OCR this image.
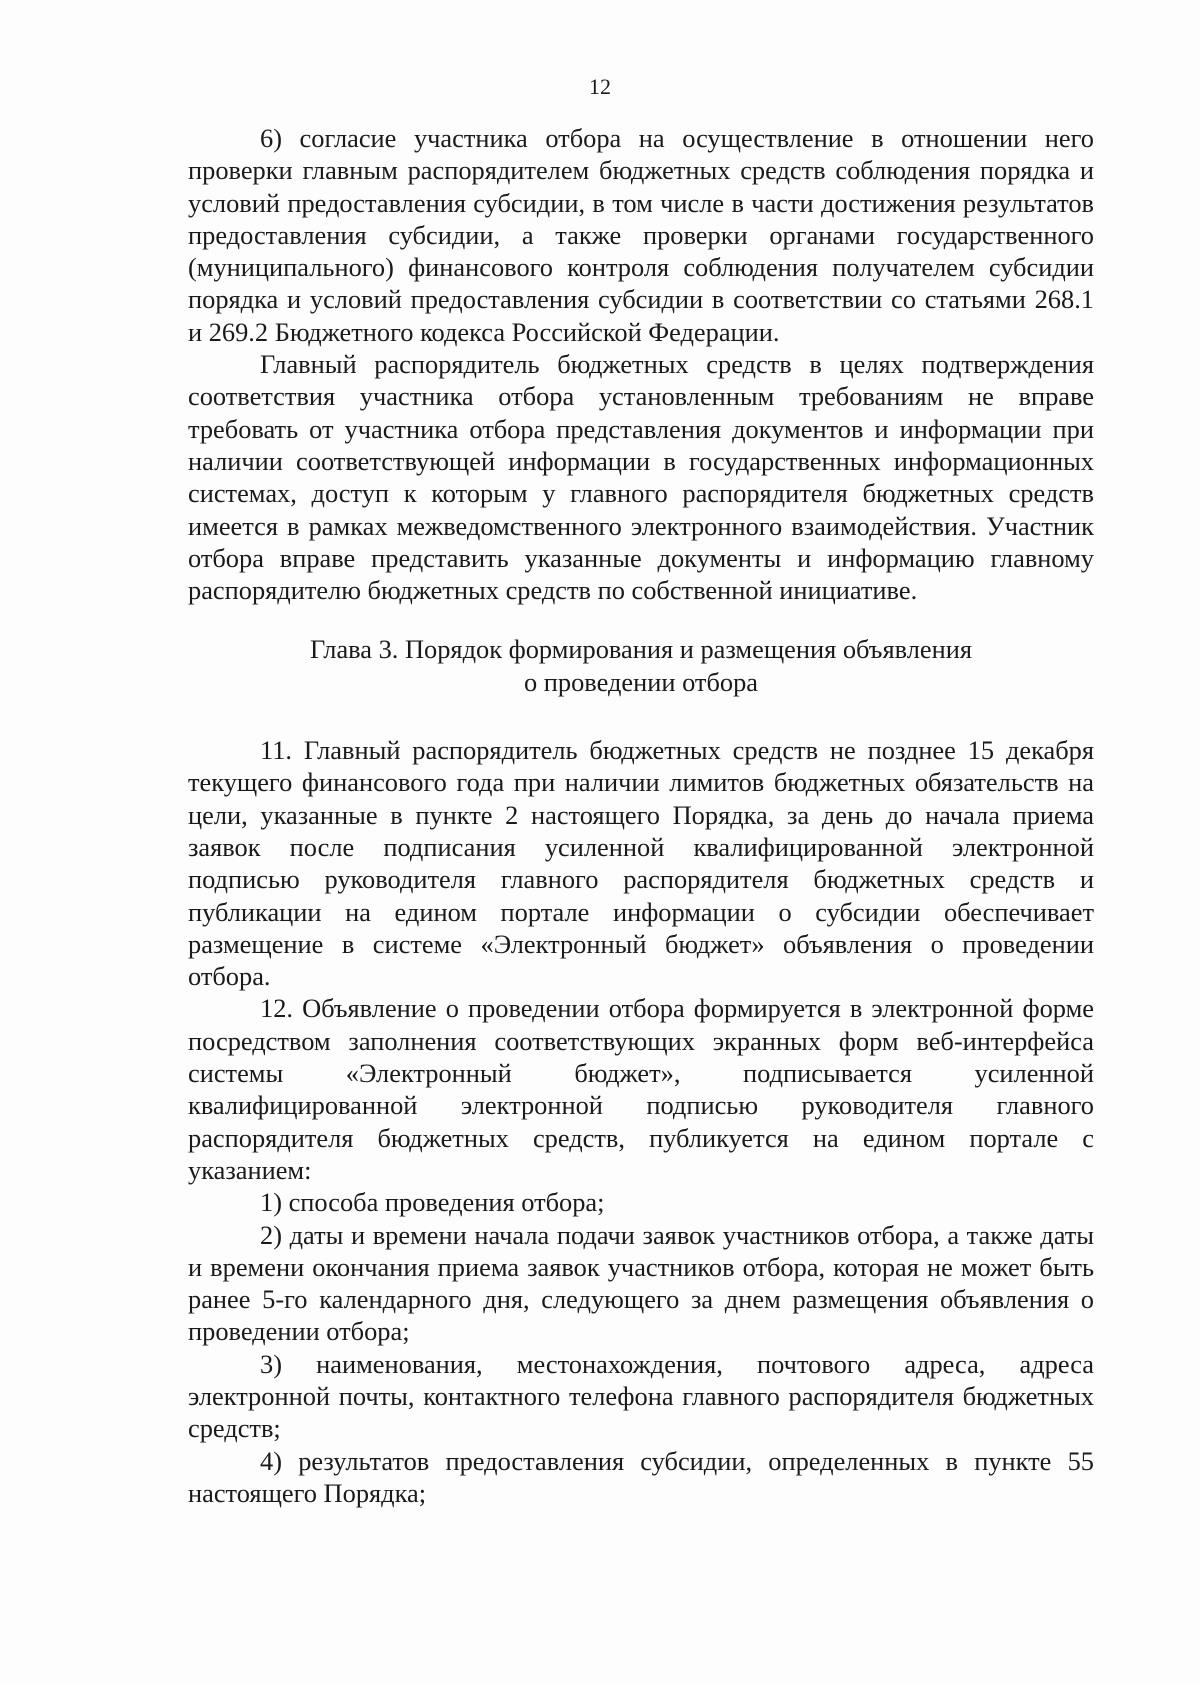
12

6) согласие участника отбора на осуществление в отношении него проверки главным распорядителем бюджетных средств соблюдения порядка и условий предоставления субсидии, в том числе в части достижения результатов предоставления субсидии, а также проверки органами государственного (муниципального) финансового контроля соблюдения получателем субсидии порядка и условий предоставления субсидии в соответствии со статьями 268.1 и 269.2 Бюджетного кодекса Российской Федерации.

Главный распорядитель бюджетных средств в целях подтверждения соответствия участника отбора установленным требованиям не вправе требовать от участника отбора представления документов и информации при наличии соответствующей информации в государственных информационных системах, доступ к которым у главного распорядителя бюджетных средств имеется в рамках межведомственного электронного взаимодействия. Участник отбора вправе представить указанные документы и информацию главному распорядителю бюджетных средств по собственной инициативе.

Глава 3. Порядок формирования и размещения объявления
о проведении отбора

11. Главный распорядитель бюджетных средств не позднее 15 декабря текущего финансового года при наличии лимитов бюджетных обязательств на цели, указанные в пункте 2 настоящего Порядка, за день до начала приема заявок после подписания усиленной квалифицированной электронной подписью руководителя главного распорядителя бюджетных средств и публикации на едином портале информации о субсидии обеспечивает размещение в системе «Электронный бюджет» объявления о проведении отбора.

12. Объявление о проведении отбора формируется в электронной форме посредством заполнения соответствующих экранных форм веб-интерфейса системы «Электронный бюджет», подписывается усиленной квалифицированной электронной подписью руководителя главного распорядителя бюджетных средств, публикуется на едином портале с указанием:

1) способа проведения отбора;

2) даты и времени начала подачи заявок участников отбора, а также даты и времени окончания приема заявок участников отбора, которая не может быть ранее 5-го календарного дня, следующего за днем размещения объявления о проведении отбора;

3) наименования, местонахождения, почтового адреса, адреса электронной почты, контактного телефона главного распорядителя бюджетных средств;

4) результатов предоставления субсидии, определенных в пункте 55 настоящего Порядка;
